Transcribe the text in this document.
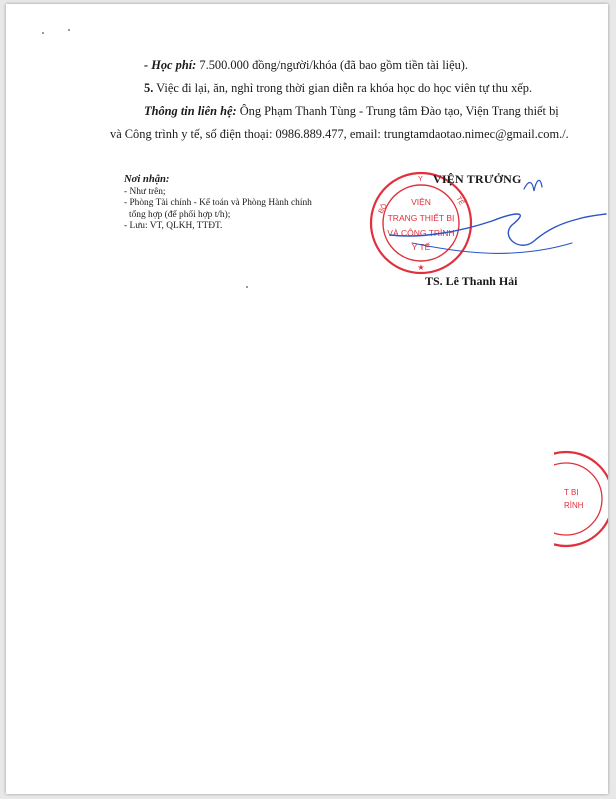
- Học phí: 7.500.000 đồng/người/khóa (đã bao gồm tiền tài liệu).
5. Việc đi lại, ăn, nghỉ trong thời gian diễn ra khóa học do học viên tự thu xếp.
Thông tin liên hệ: Ông Phạm Thanh Tùng - Trung tâm Đào tạo, Viện Trang thiết bị
và Công trình y tế, số điện thoại: 0986.889.477, email: trungtamdaotao.nimec@gmail.com./.
Nơi nhận:
- Như trên;
- Phòng Tài chính - Kế toán và Phòng Hành chính
tổng hợp (để phối hợp t/h);
- Lưu: VT, QLKH, TTĐT.
BỘ
Y
TẾ
VIỆN
TRANG THIẾT BỊ
VÀ CÔNG TRÌNH
Y TẾ
★
VIỆN TRƯỞNG
TS. Lê Thanh Hải
T BỊ
RÌNH
